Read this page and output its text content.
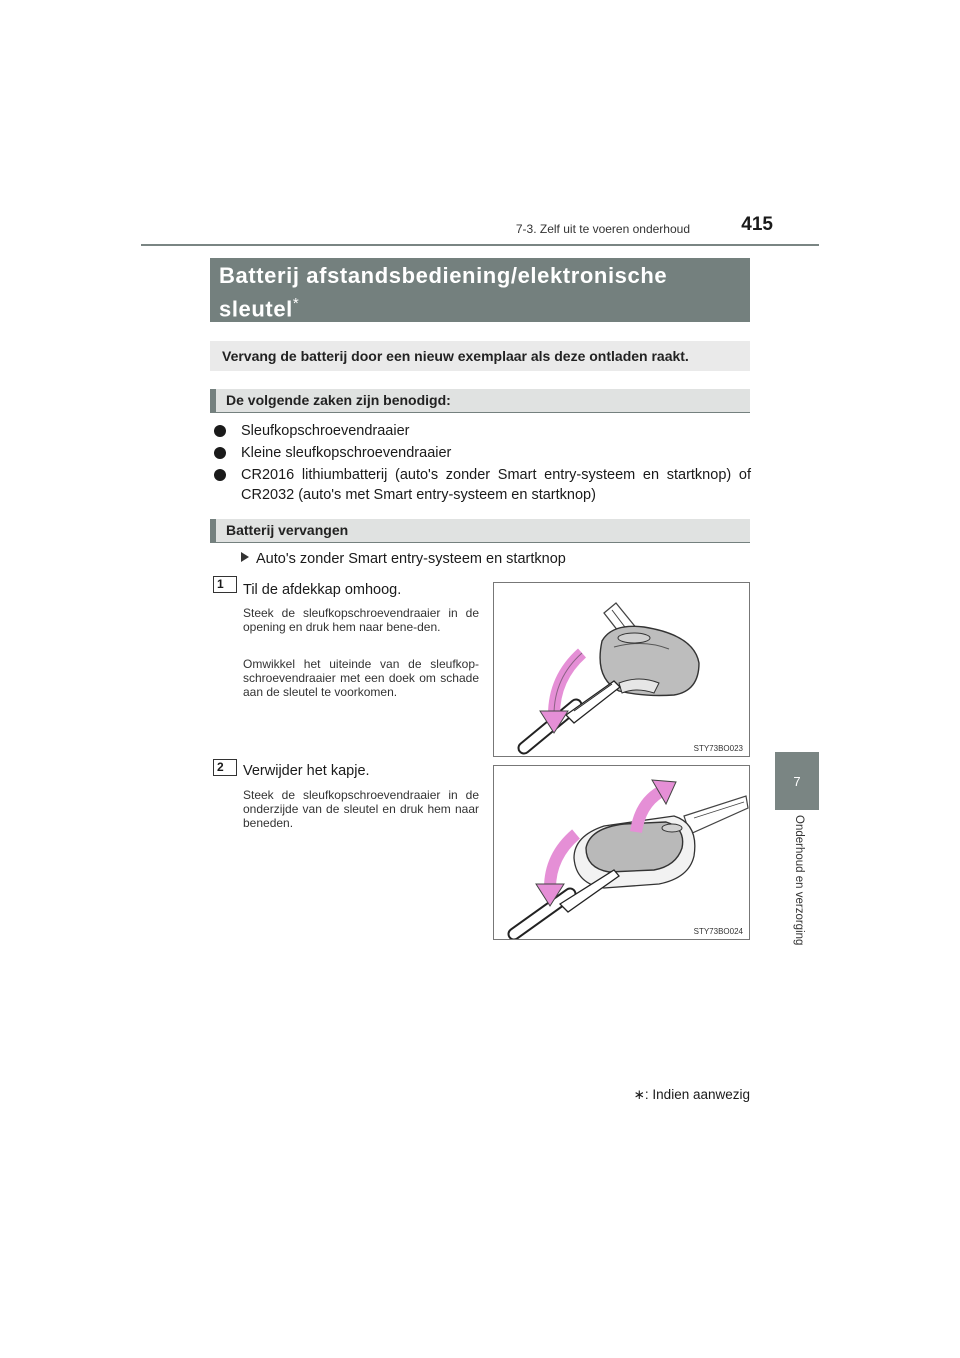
7-3. Zelf uit te voeren onderhoud	415
7
Onderhoud en verzorging
Batterij afstandsbediening/elektronische sleutel*
Vervang de batterij door een nieuw exemplaar als deze ontladen raakt.
De volgende zaken zijn benodigd:
Sleufkopschroevendraaier
Kleine sleufkopschroevendraaier
CR2016 lithiumbatterij (auto's zonder Smart entry-systeem en startknop) of CR2032 (auto's met Smart entry-systeem en startknop)
Batterij vervangen
Auto's zonder Smart entry-systeem en startknop
1	Til de afdekkap omhoog.
Steek de sleufkopschroevendraaier in de opening en druk hem naar bene-den.
Omwikkel het uiteinde van de sleufkop-schroevendraaier met een doek om schade aan de sleutel te voorkomen.
STY73BO023
2	Verwijder het kapje.
Steek de sleufkopschroevendraaier in de onderzijde van de sleutel en druk hem naar beneden.
STY73BO024
∗: Indien aanwezig
